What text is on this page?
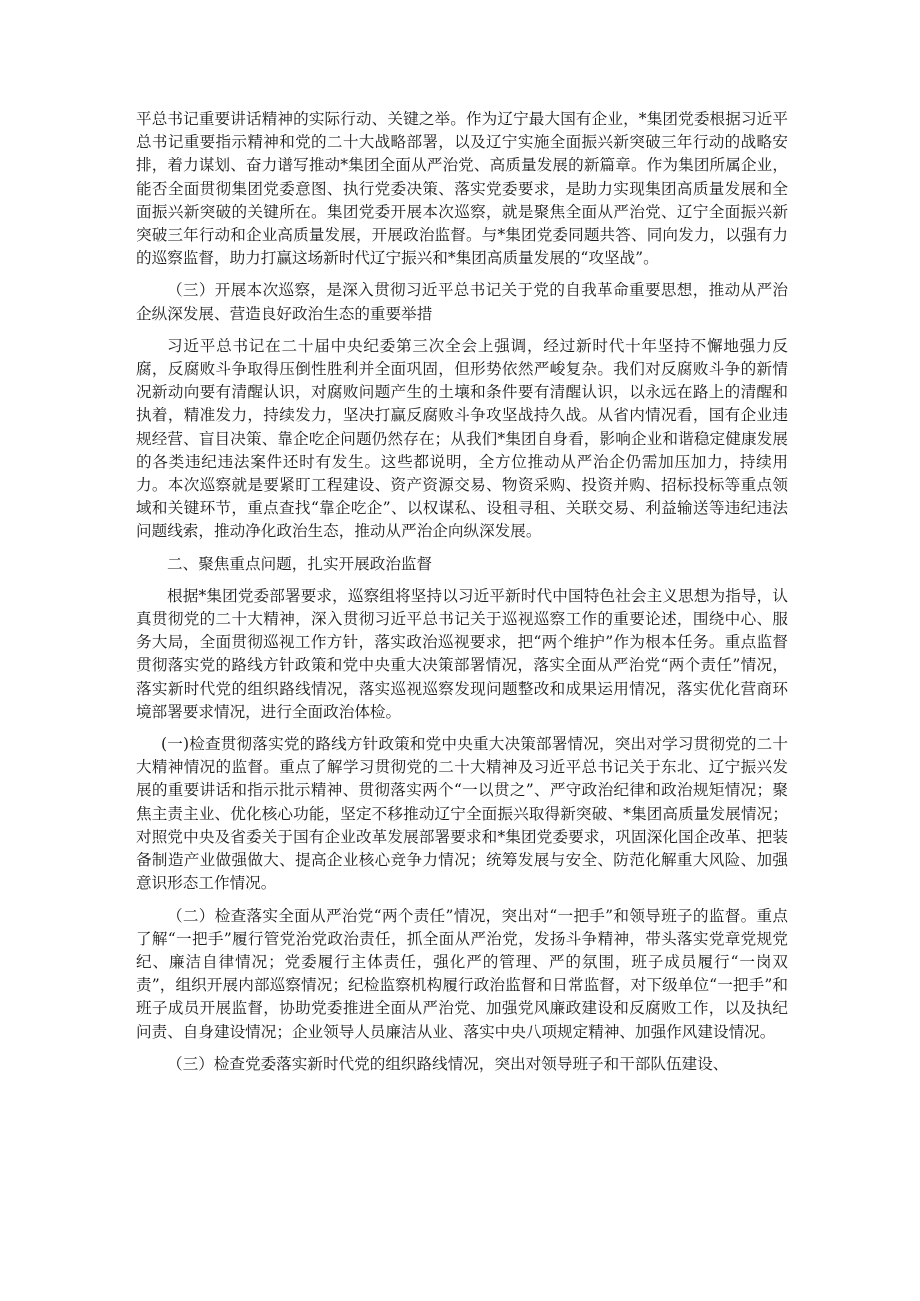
平总书记重要讲话精神的实际行动、关键之举。作为辽宁最大国有企业，*集团党委根据习近平总书记重要指示精神和党的二十大战略部署，以及辽宁实施全面振兴新突破三年行动的战略安排，着力谋划、奋力谱写推动*集团全面从严治党、高质量发展的新篇章。作为集团所属企业，能否全面贯彻集团党委意图、执行党委决策、落实党委要求，是助力实现集团高质量发展和全面振兴新突破的关键所在。集团党委开展本次巡察，就是聚焦全面从严治党、辽宁全面振兴新突破三年行动和企业高质量发展，开展政治监督。与*集团党委同题共答、同向发力，以强有力的巡察监督，助力打赢这场新时代辽宁振兴和*集团高质量发展的“攻坚战”。

（三）开展本次巡察，是深入贯彻习近平总书记关于党的自我革命重要思想，推动从严治企纵深发展、营造良好政治生态的重要举措

习近平总书记在二十届中央纪委第三次全会上强调，经过新时代十年坚持不懈地强力反腐，反腐败斗争取得压倒性胜利并全面巩固，但形势依然严峻复杂。我们对反腐败斗争的新情况新动向要有清醒认识，对腐败问题产生的土壤和条件要有清醒认识，以永远在路上的清醒和执着，精准发力，持续发力，坚决打赢反腐败斗争攻坚战持久战。从省内情况看，国有企业违规经营、盲目决策、靠企吃企问题仍然存在；从我们*集团自身看，影响企业和谐稳定健康发展的各类违纪违法案件还时有发生。这些都说明，全方位推动从严治企仍需加压加力，持续用力。本次巡察就是要紧盯工程建设、资产资源交易、物资采购、投资并购、招标投标等重点领域和关键环节，重点查找“靠企吃企”、以权谋私、设租寻租、关联交易、利益输送等违纪违法问题线索，推动净化政治生态，推动从严治企向纵深发展。

二、聚焦重点问题，扎实开展政治监督

根据*集团党委部署要求，巡察组将坚持以习近平新时代中国特色社会主义思想为指导，认真贯彻党的二十大精神，深入贯彻习近平总书记关于巡视巡察工作的重要论述，围绕中心、服务大局，全面贯彻巡视工作方针，落实政治巡视要求，把“两个维护”作为根本任务。重点监督贯彻落实党的路线方针政策和党中央重大决策部署情况，落实全面从严治党“两个责任”情况，落实新时代党的组织路线情况，落实巡视巡察发现问题整改和成果运用情况，落实优化营商环境部署要求情况，进行全面政治体检。

(一)检查贯彻落实党的路线方针政策和党中央重大决策部署情况，突出对学习贯彻党的二十大精神情况的监督。重点了解学习贯彻党的二十大精神及习近平总书记关于东北、辽宁振兴发展的重要讲话和指示批示精神、贯彻落实两个“一以贯之”、严守政治纪律和政治规矩情况；聚焦主责主业、优化核心功能，坚定不移推动辽宁全面振兴取得新突破、*集团高质量发展情况；对照党中央及省委关于国有企业改革发展部署要求和*集团党委要求，巩固深化国企改革、把装备制造产业做强做大、提高企业核心竞争力情况；统筹发展与安全、防范化解重大风险、加强意识形态工作情况。

（二）检查落实全面从严治党“两个责任”情况，突出对“一把手”和领导班子的监督。重点了解“一把手”履行管党治党政治责任，抓全面从严治党，发扬斗争精神，带头落实党章党规党纪、廉洁自律情况；党委履行主体责任，强化严的管理、严的氛围，班子成员履行“一岗双责”，组织开展内部巡察情况；纪检监察机构履行政治监督和日常监督，对下级单位“一把手”和班子成员开展监督，协助党委推进全面从严治党、加强党风廉政建设和反腐败工作，以及执纪问责、自身建设情况；企业领导人员廉洁从业、落实中央八项规定精神、加强作风建设情况。

（三）检查党委落实新时代党的组织路线情况，突出对领导班子和干部队伍建设、
